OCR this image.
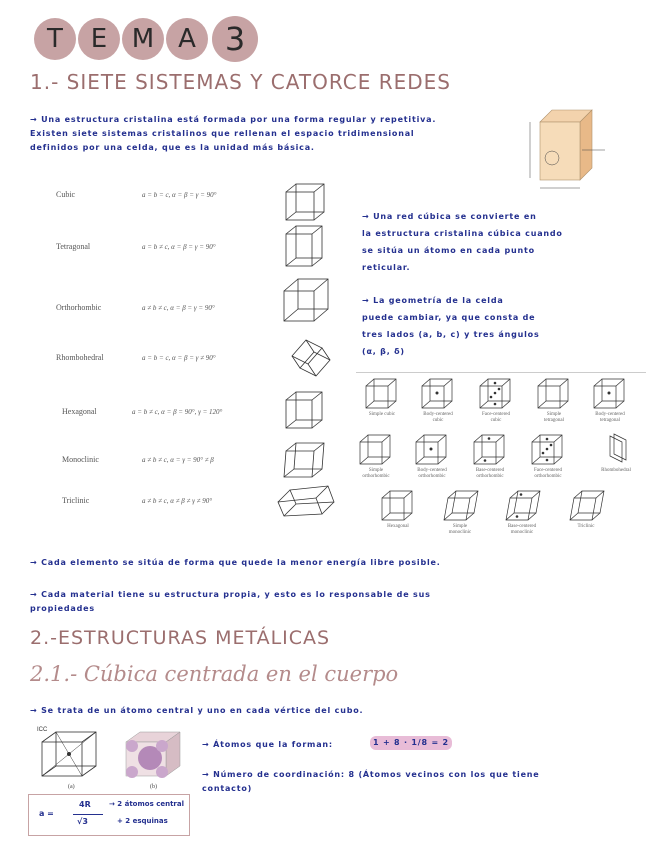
T	E M A 3
1.- SIETE SISTEMAS Y CATORCE REDES
→ Una estructura cristalina está formada por una forma regular y repetitiva.
Existen siete sistemas cristalinos que rellenan el espacio tridimensional
definidos por una celda, que es la unidad más básica.
Cubic	a = b = c, α = β = γ = 90°
Tetragonal	a = b ≠ c, α = β = γ = 90°
Orthorhombic	a ≠ b ≠ c, α = β = γ = 90°
Rhombohedral	a = b = c, α = β = γ ≠ 90°
Hexagonal	a = b ≠ c, α = β = 90°, γ = 120°
Monoclinic	a ≠ b ≠ c, α = γ = 90° ≠ β
Triclinic	a ≠ b ≠ c, α ≠ β ≠ γ ≠ 90°
→ Una red cúbica se convierte en
la estructura cristalina cúbica cuando
se sitúa un átomo en cada punto
reticular.
→ La geometría de la celda
puede cambiar, ya que consta de
tres lados (a, b, c) y tres ángulos
(α, β, δ)
Simple cubic	Body-centered
cubic
Face-centered
cubic
Simple
tetragonal
Body-centered
tetragonal
Simple
orthorhombic
Body-centered
orthorhombic
Base-centered
orthorhombic
Face-centered
orthorhombic
Rhombohedral
Hexagonal	Simple
monoclinic
Base-centered
monoclinic
Triclinic
→ Cada elemento se sitúa de forma que quede la menor energía libre posible.
→ Cada material tiene su estructura propia, y esto es lo responsable de sus
propiedades
2.-ESTRUCTURAS METÁLICAS
2.1.- Cúbica centrada en el cuerpo
→ Se trata de un átomo central y uno en cada vértice del cubo.
ICC
(a)	(b)
→ Átomos que la forman:	1 + 8 · 1/8 = 2
→ Número de coordinación: 8 (Átomos vecinos con los que tiene
contacto)
a =
4R
√3
→ 2 átomos central
+ 2 esquinas
